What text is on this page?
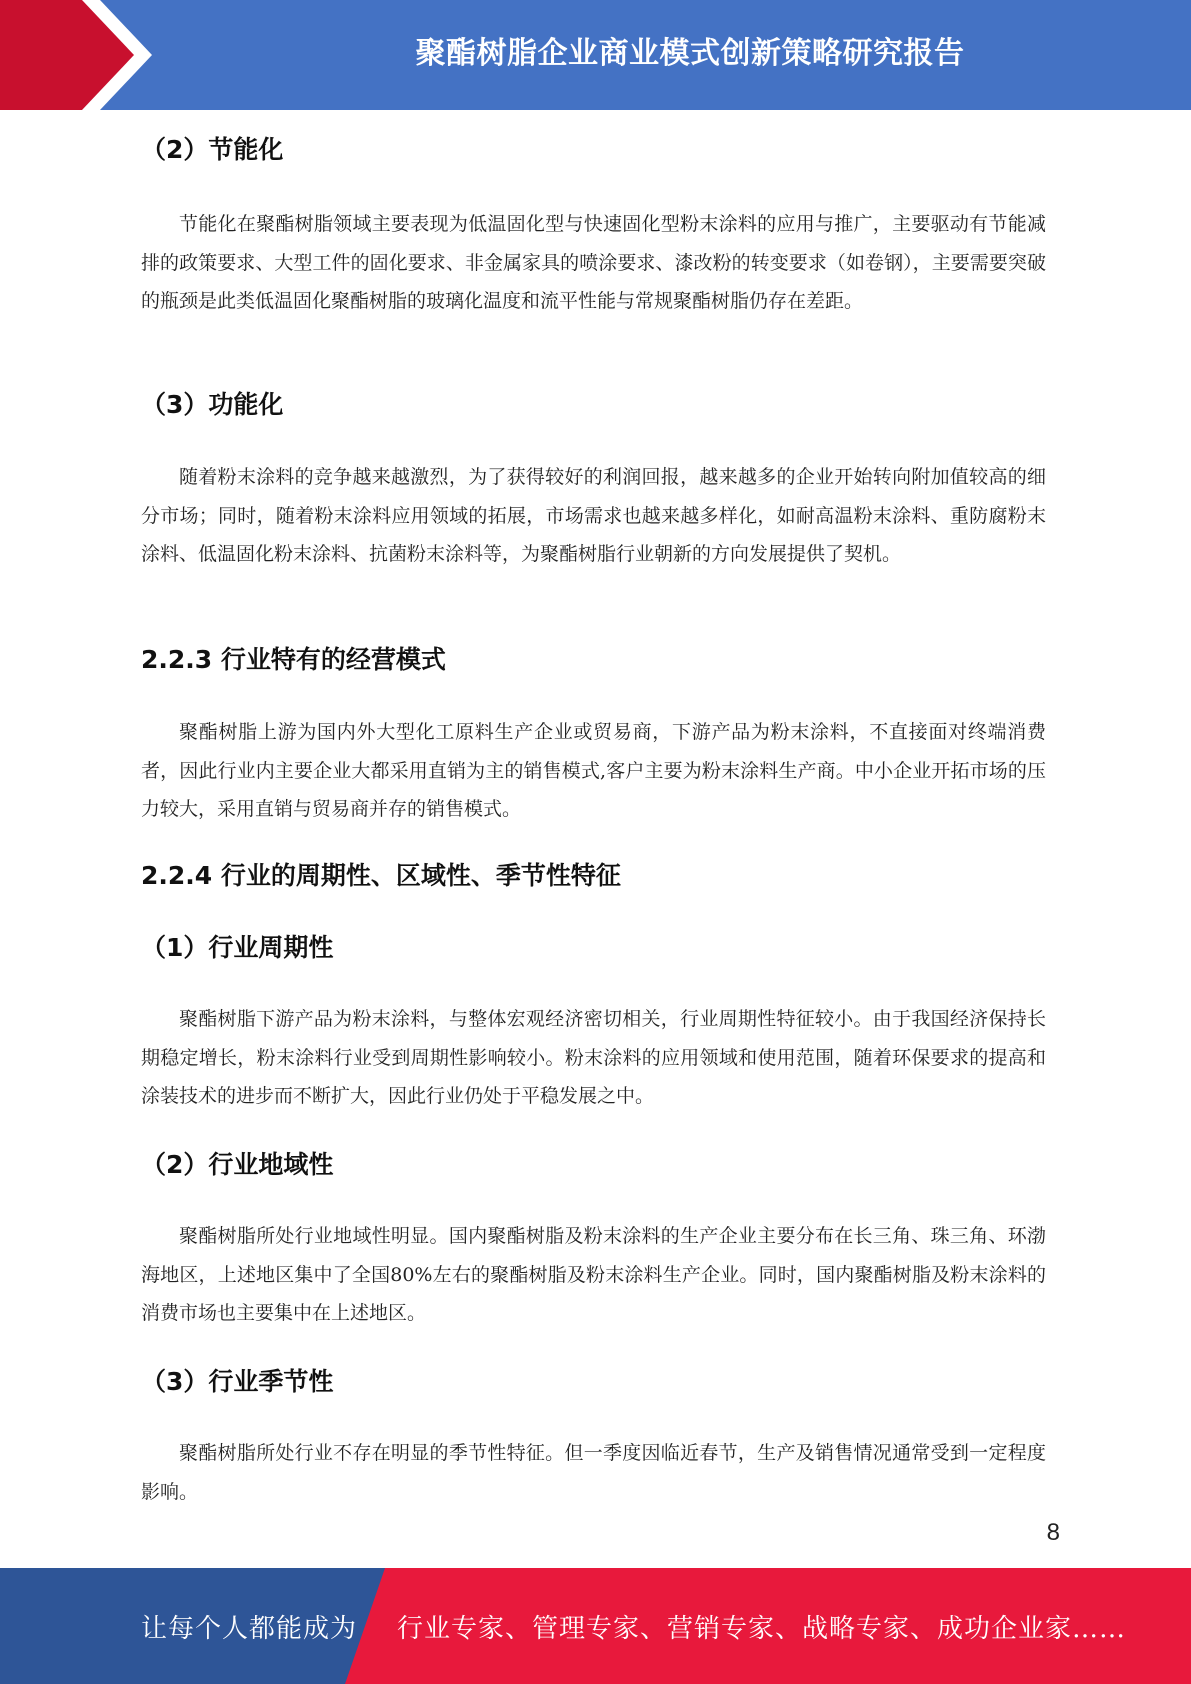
聚酯树脂企业商业模式创新策略研究报告
（2）节能化

节能化在聚酯树脂领域主要表现为低温固化型与快速固化型粉末涂料的应用与推广，主要驱动有节能减排的政策要求、大型工件的固化要求、非金属家具的喷涂要求、漆改粉的转变要求（如卷钢），主要需要突破的瓶颈是此类低温固化聚酯树脂的玻璃化温度和流平性能与常规聚酯树脂仍存在差距。

（3）功能化

随着粉末涂料的竞争越来越激烈，为了获得较好的利润回报，越来越多的企业开始转向附加值较高的细分市场；同时，随着粉末涂料应用领域的拓展，市场需求也越来越多样化，如耐高温粉末涂料、重防腐粉末涂料、低温固化粉末涂料、抗菌粉末涂料等，为聚酯树脂行业朝新的方向发展提供了契机。

2.2.3 行业特有的经营模式

聚酯树脂上游为国内外大型化工原料生产企业或贸易商，下游产品为粉末涂料，不直接面对终端消费者，因此行业内主要企业大都采用直销为主的销售模式,客户主要为粉末涂料生产商。中小企业开拓市场的压力较大，采用直销与贸易商并存的销售模式。

2.2.4 行业的周期性、区域性、季节性特征
（1）行业周期性

聚酯树脂下游产品为粉末涂料，与整体宏观经济密切相关，行业周期性特征较小。由于我国经济保持长期稳定增长，粉末涂料行业受到周期性影响较小。粉末涂料的应用领域和使用范围，随着环保要求的提高和涂装技术的进步而不断扩大，因此行业仍处于平稳发展之中。

（2）行业地域性

聚酯树脂所处行业地域性明显。国内聚酯树脂及粉末涂料的生产企业主要分布在长三角、珠三角、环渤海地区，上述地区集中了全国80%左右的聚酯树脂及粉末涂料生产企业。同时，国内聚酯树脂及粉末涂料的消费市场也主要集中在上述地区。

（3）行业季节性

聚酯树脂所处行业不存在明显的季节性特征。但一季度因临近春节，生产及销售情况通常受到一定程度影响。

8
让每个人都能成为 行业专家、管理专家、营销专家、战略专家、成功企业家……
